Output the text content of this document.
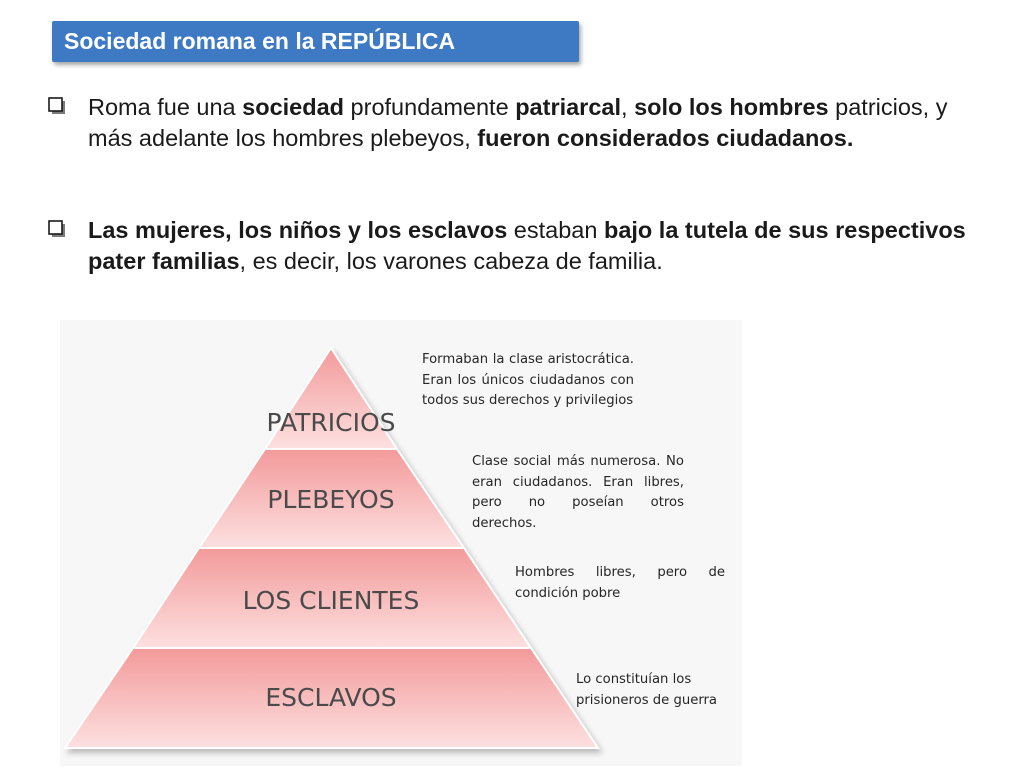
Sociedad romana en la REPÚBLICA
Roma fue una sociedad profundamente patriarcal, solo los hombres patricios, y más adelante los hombres plebeyos, fueron considerados ciudadanos.
Las mujeres, los niños y los esclavos estaban bajo la tutela de sus respectivos pater familias, es decir, los varones cabeza de familia.
PATRICIOS
PLEBEYOS
LOS CLIENTES
ESCLAVOS
Formaban la clase aristocrática. Eran los únicos ciudadanos con todos sus derechos y privilegios
Clase social más numerosa. No eran ciudadanos. Eran libres, pero no poseían otros derechos.
Hombres libres, pero de condición pobre
Lo constituían los
prisioneros de guerra
